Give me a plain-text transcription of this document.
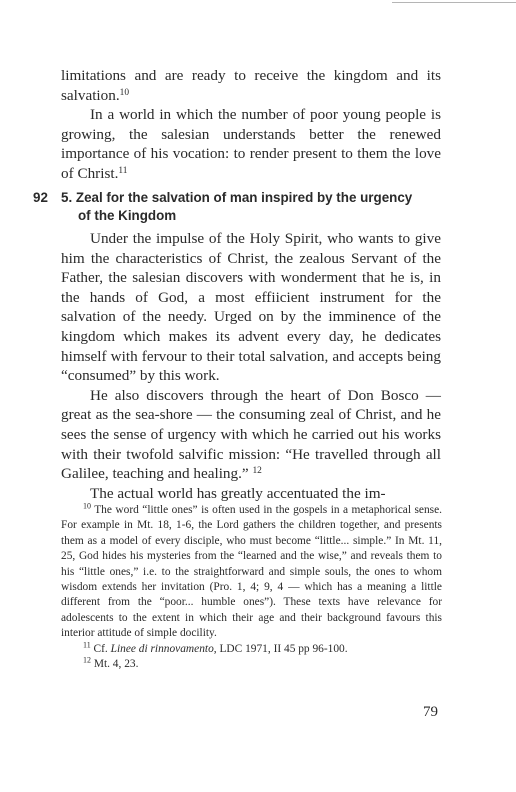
limitations and are ready to receive the kingdom and its salvation.$^{10}$

In a world in which the number of poor young people is growing, the salesian understands better the renewed importance of his vocation: to render present to them the love of Christ.$^{11}$

92 5. Zeal for the salvation of man inspired by the urgency
of the Kingdom

Under the impulse of the Holy Spirit, who wants to give him the characteristics of Christ, the zealous Servant of the Father, the salesian discovers with wonderment that he is, in the hands of God, a most effiicient instrument for the salvation of the needy. Urged on by the imminence of the kingdom which makes its advent every day, he dedicates himself with fervour to their total salvation, and accepts being “consumed” by this work.

He also discovers through the heart of Don Bosco — great as the sea-shore — the consuming zeal of Christ, and he sees the sense of urgency with which he carried out his works with their twofold salvific mission: “He travelled through all Galilee, teaching and healing.” $^{12}$

The actual world has greatly accentuated the im-

$^{10}$ The word “little ones” is often used in the gospels in a metaphorical sense. For example in Mt. 18, 1-6, the Lord gathers the children together, and presents them as a model of every disciple, who must become “little... simple.” In Mt. 11, 25, God hides his mysteries from the “learned and the wise,” and reveals them to his “little ones,” i.e. to the straightforward and simple souls, the ones to whom wisdom extends her invitation (Pro. 1, 4; 9, 4 — which has a meaning a little different from the “poor... humble ones”). These texts have relevance for adolescents to the extent in which their age and their background favours this interior attitude of simple docility.

$^{11}$ Cf. Linee di rinnovamento, LDC 1971, II 45 pp 96-100.

$^{12}$ Mt. 4, 23.

79
